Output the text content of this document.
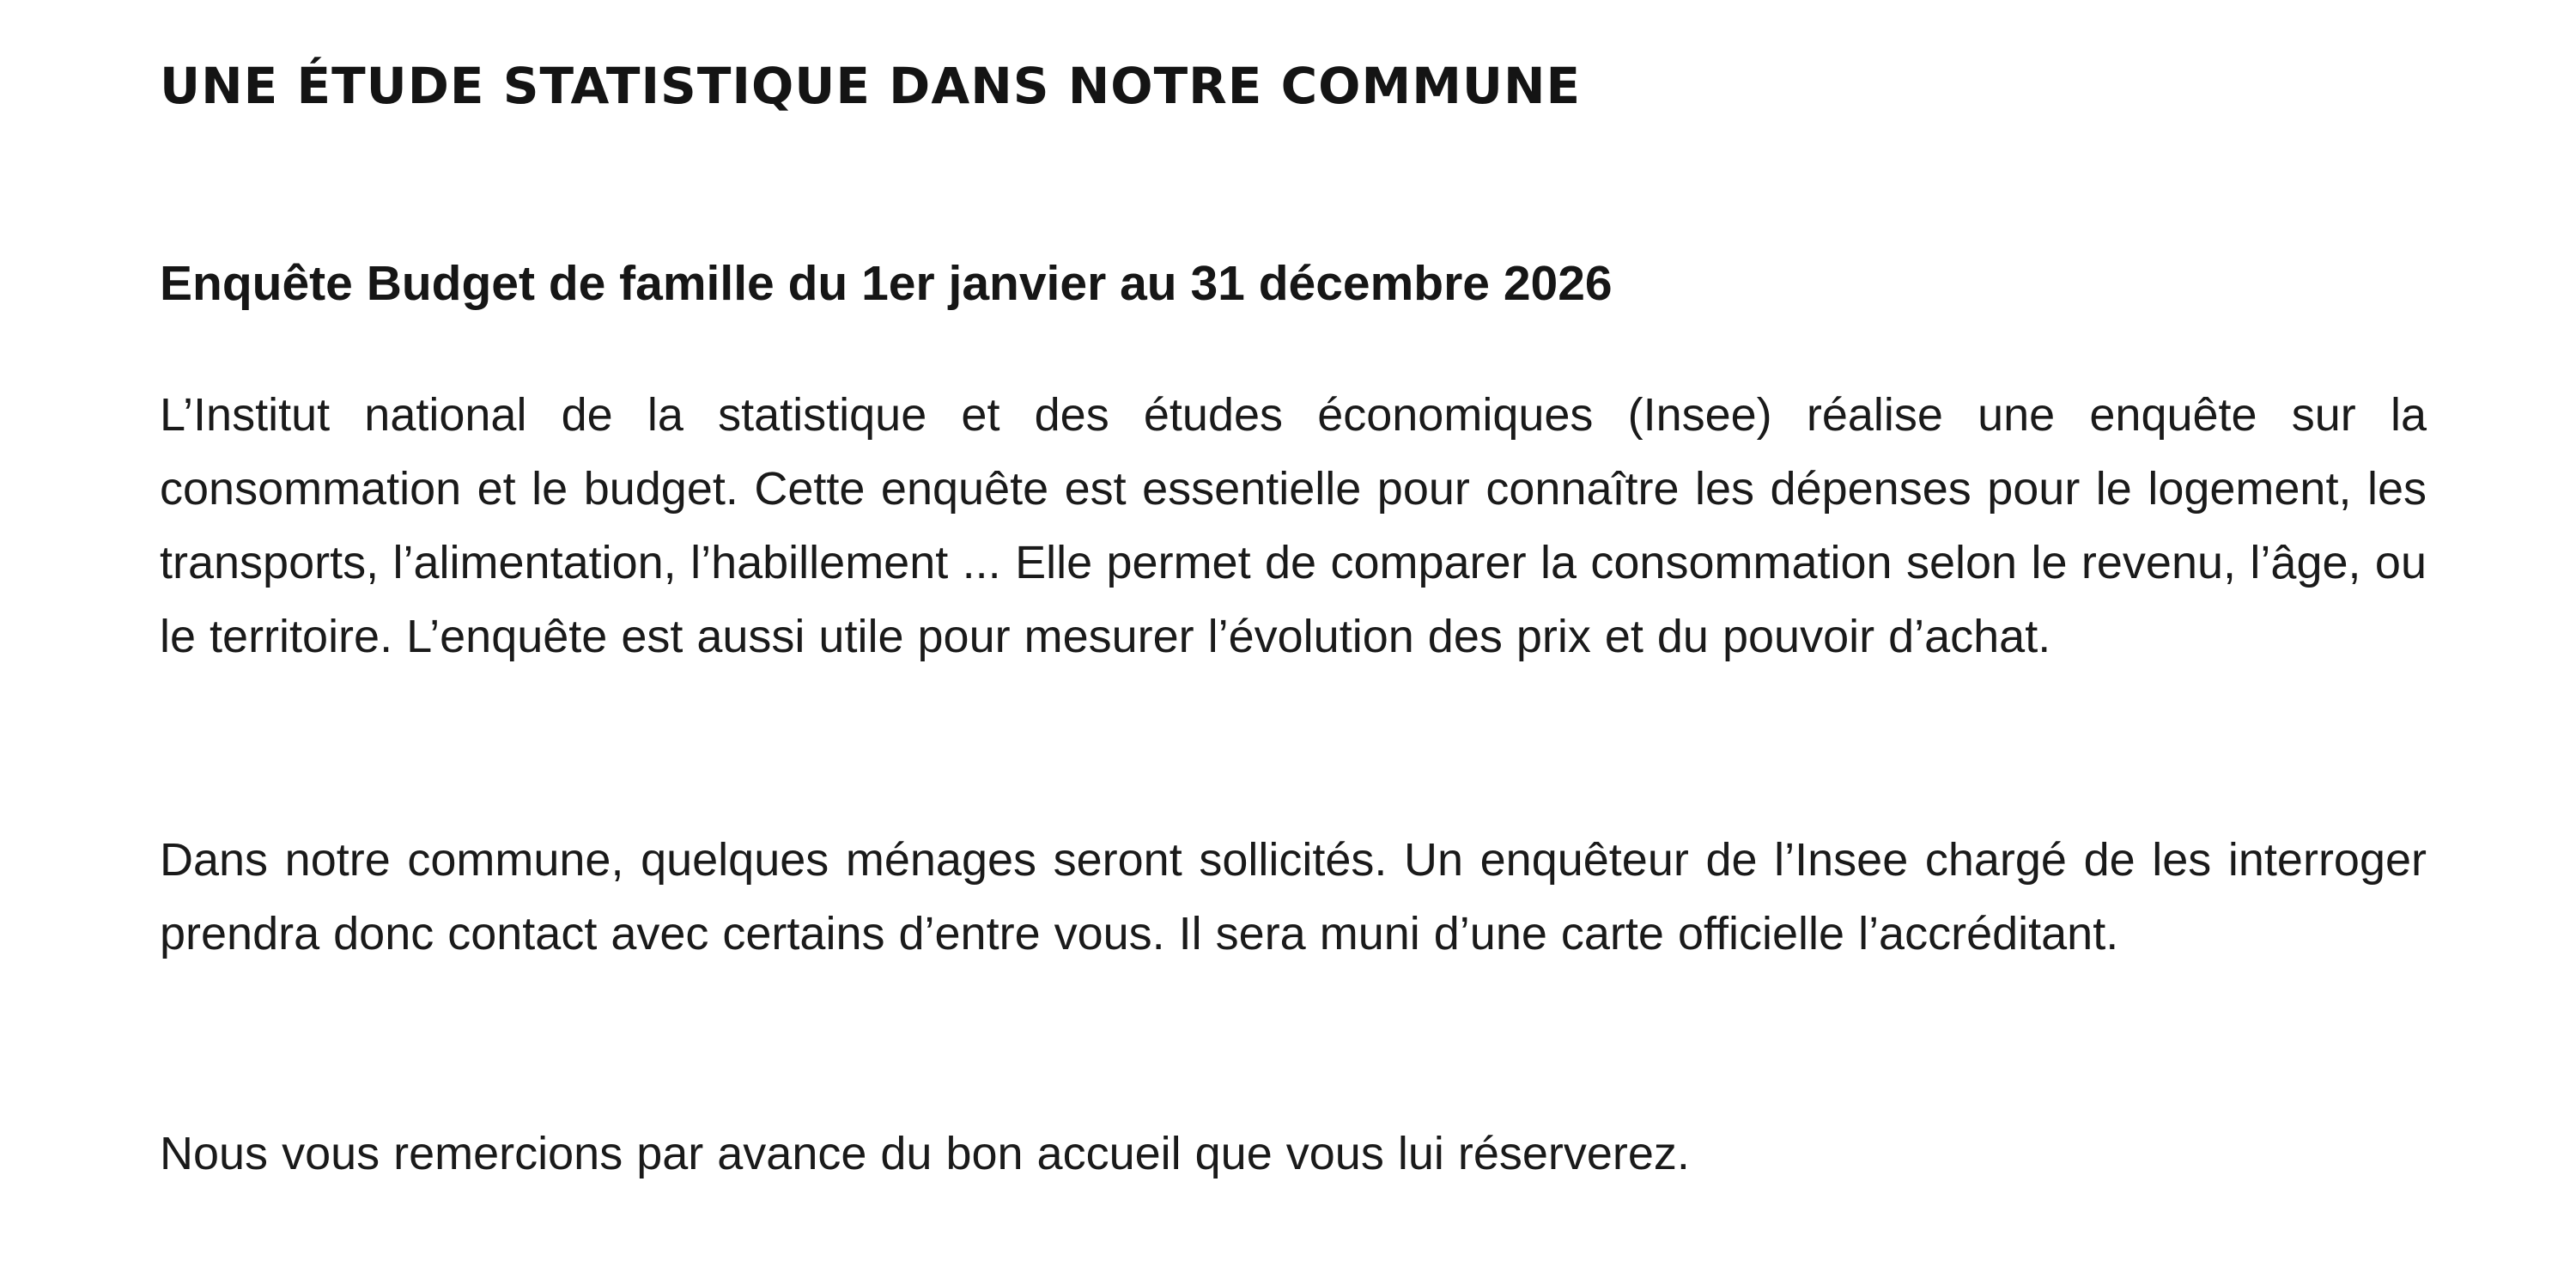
UNE ÉTUDE STATISTIQUE DANS NOTRE COMMUNE
Enquête Budget de famille du 1er janvier au 31 décembre 2026

L’Institut national de la statistique et des études économiques (Insee) réalise une enquête sur la consommation et le budget. Cette enquête est essentielle pour connaître les dépenses pour le logement, les transports, l’alimentation, l’habillement ... Elle permet de comparer la consommation selon le revenu, l’âge, ou le territoire. L’enquête est aussi utile pour mesurer l’évolution des prix et du pouvoir d’achat.

Dans notre commune, quelques ménages seront sollicités. Un enquêteur de l’Insee chargé de les interroger prendra donc contact avec certains d’entre vous. Il sera muni d’une carte officielle l’accréditant.

Nous vous remercions par avance du bon accueil que vous lui réserverez.
